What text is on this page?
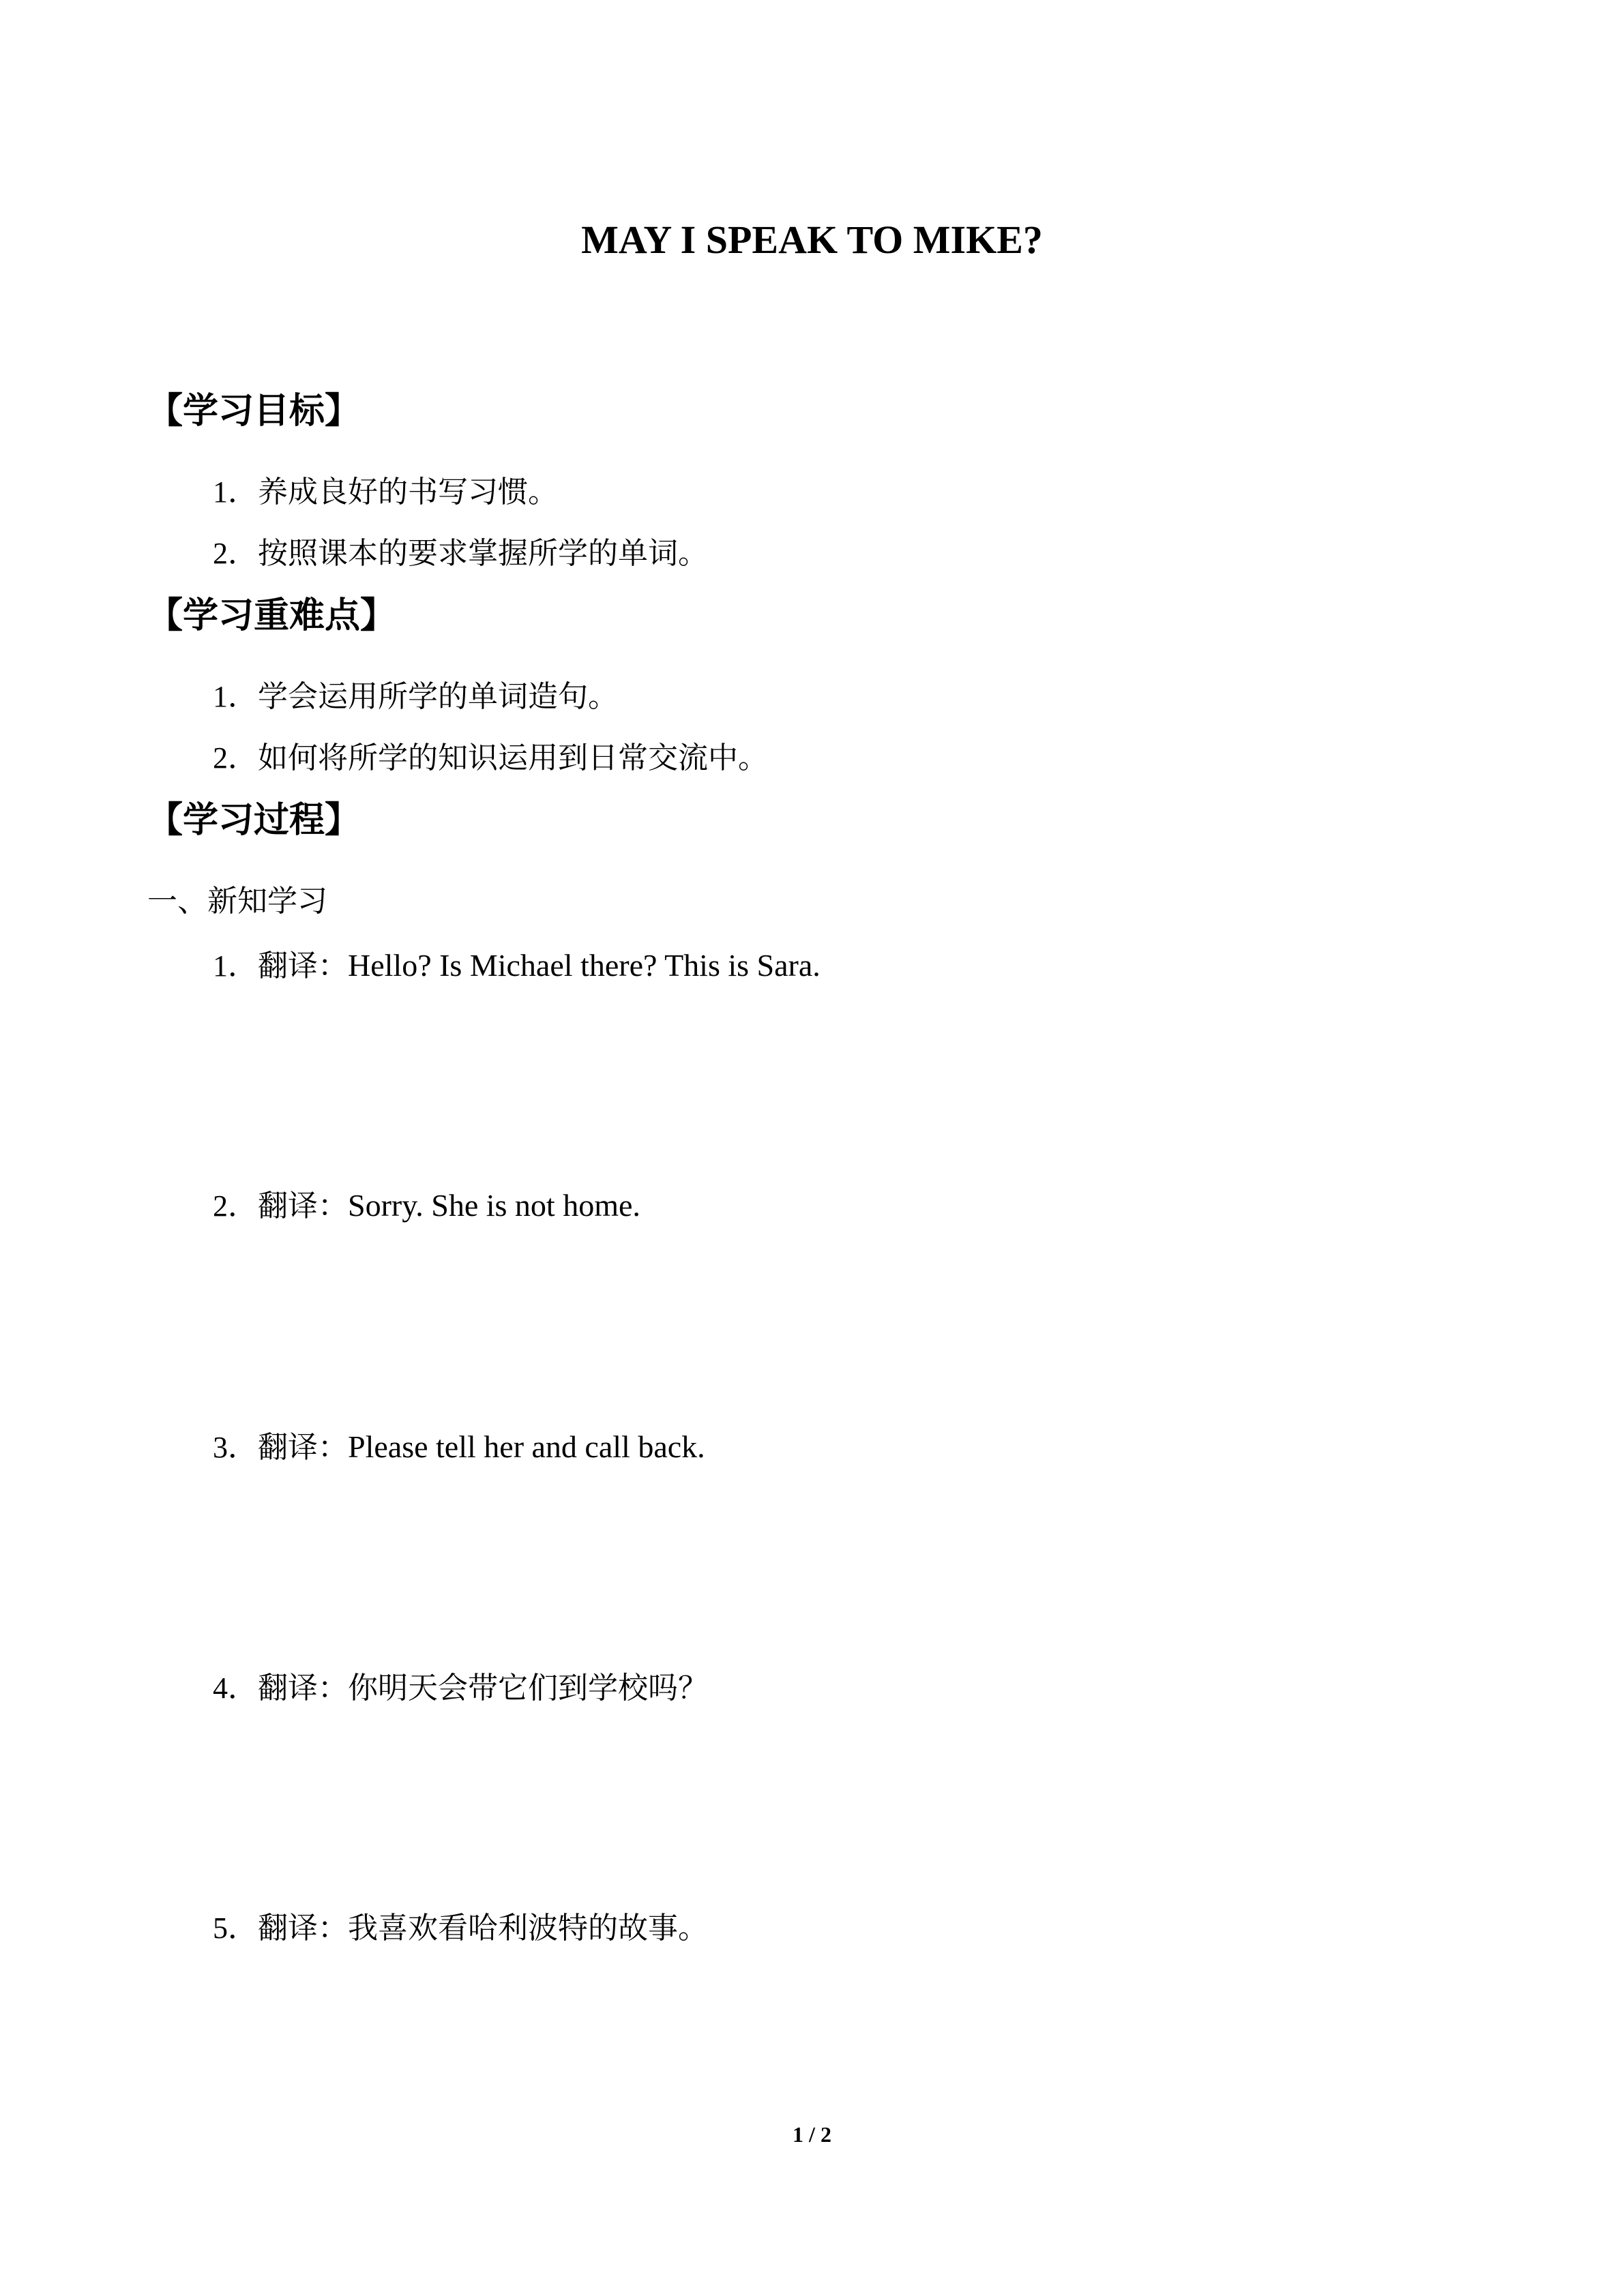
MAY I SPEAK TO MIKE?
【学习目标】
1．养成良好的书写习惯。
2．按照课本的要求掌握所学的单词。
【学习重难点】
1．学会运用所学的单词造句。
2．如何将所学的知识运用到日常交流中。
【学习过程】
一、新知学习
1．翻译：Hello? Is Michael there? This is Sara.
2．翻译：Sorry. She is not home.
3．翻译：Please tell her and call back.
4．翻译：你明天会带它们到学校吗？
5．翻译：我喜欢看哈利波特的故事。
1 / 2
